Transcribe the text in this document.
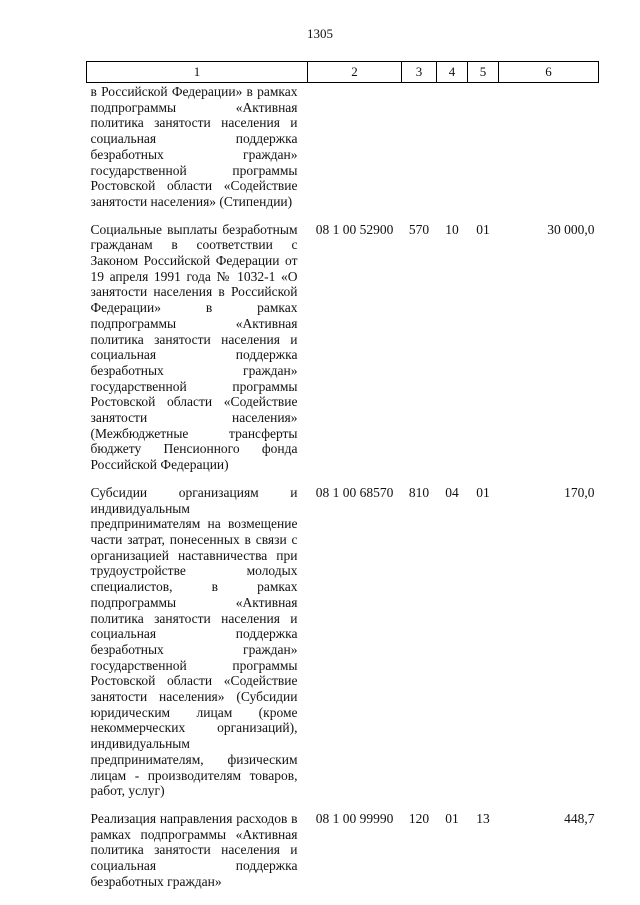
1305
1	2	3	4	5	6
в Российской Федерации» в рамках подпрограммы «Активная политика занятости населения и социальная поддержка безработных граждан» государственной программы Ростовской области «Содействие занятости населения» (Стипендии)					
Социальные выплаты безработным гражданам в соответствии с Законом Российской Федерации от 19 апреля 1991 года № 1032-1 «О занятости населения в Российской Федерации» в рамках подпрограммы «Активная политика занятости населения и социальная поддержка безработных граждан» государственной программы Ростовской области «Содействие занятости населения» (Межбюджетные трансферты бюджету Пенсионного фонда Российской Федерации)	08 1 00 52900	570	10	01	30 000,0
Субсидии организациям и индивидуальным предпринимателям на возмещение части затрат, понесенных в связи с организацией наставничества при трудоустройстве молодых специалистов, в рамках подпрограммы «Активная политика занятости населения и социальная поддержка безработных граждан» государственной программы Ростовской области «Содействие занятости населения» (Субсидии юридическим лицам (кроме некоммерческих организаций), индивидуальным предпринимателям, физическим лицам - производителям товаров, работ, услуг)	08 1 00 68570	810	04	01	170,0
Реализация направления расходов в рамках подпрограммы «Активная политика занятости населения и социальная поддержка безработных граждан»	08 1 00 99990	120	01	13	448,7
